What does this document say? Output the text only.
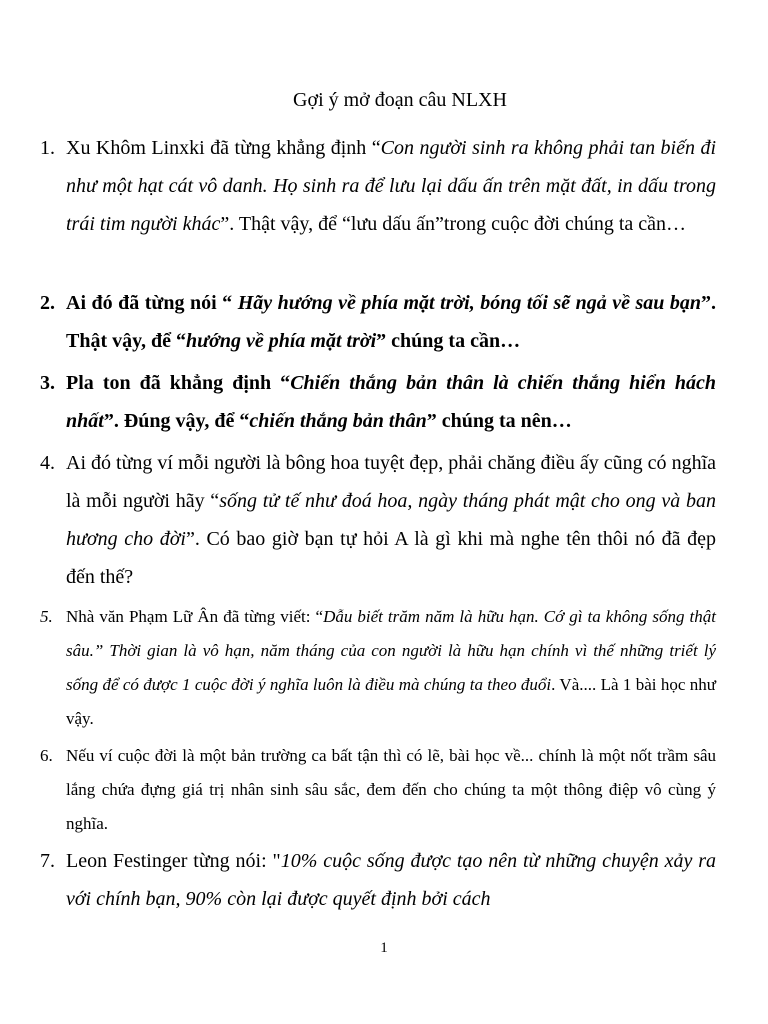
Gợi ý mở đoạn câu NLXH
1. Xu Khôm Linxki đã từng khẳng định “Con người sinh ra không phải tan biến đi như một hạt cát vô danh. Họ sinh ra để lưu lại dấu ấn trên mặt đất, in dấu trong trái tim người khác”. Thật vậy, để “lưu dấu ấn”trong cuộc đời chúng ta cần…
2. Ai đó đã từng nói “ Hãy hướng về phía mặt trời, bóng tối sẽ ngả về sau bạn”. Thật vậy, để “hướng về phía mặt trời” chúng ta cần…
3. Pla ton đã khẳng định “Chiến thắng bản thân là chiến thắng hiển hách nhất”. Đúng vậy, để “chiến thắng bản thân” chúng ta nên…
4. Ai đó từng ví mỗi người là bông hoa tuyệt đẹp, phải chăng điều ấy cũng có nghĩa là mỗi người hãy “sống tử tế như đoá hoa, ngày tháng phát mật cho ong và ban hương cho đời”. Có bao giờ bạn tự hỏi A là gì khi mà nghe tên thôi nó đã đẹp đến thế?
5. Nhà văn Phạm Lữ Ân đã từng viết: “Dẫu biết trăm năm là hữu hạn. Cớ gì ta không sống thật sâu.” Thời gian là vô hạn, năm tháng của con người là hữu hạn chính vì thế những triết lý sống để có được 1 cuộc đời ý nghĩa luôn là điều mà chúng ta theo đuổi. Và.... Là 1 bài học như vậy.
6. Nếu ví cuộc đời là một bản trường ca bất tận thì có lẽ, bài học về... chính là một nốt trầm sâu lắng chứa đựng giá trị nhân sinh sâu sắc, đem đến cho chúng ta một thông điệp vô cùng ý nghĩa.
7. Leon Festinger từng nói: "10% cuộc sống được tạo nên từ những chuyện xảy ra với chính bạn, 90% còn lại được quyết định bởi cách
1
